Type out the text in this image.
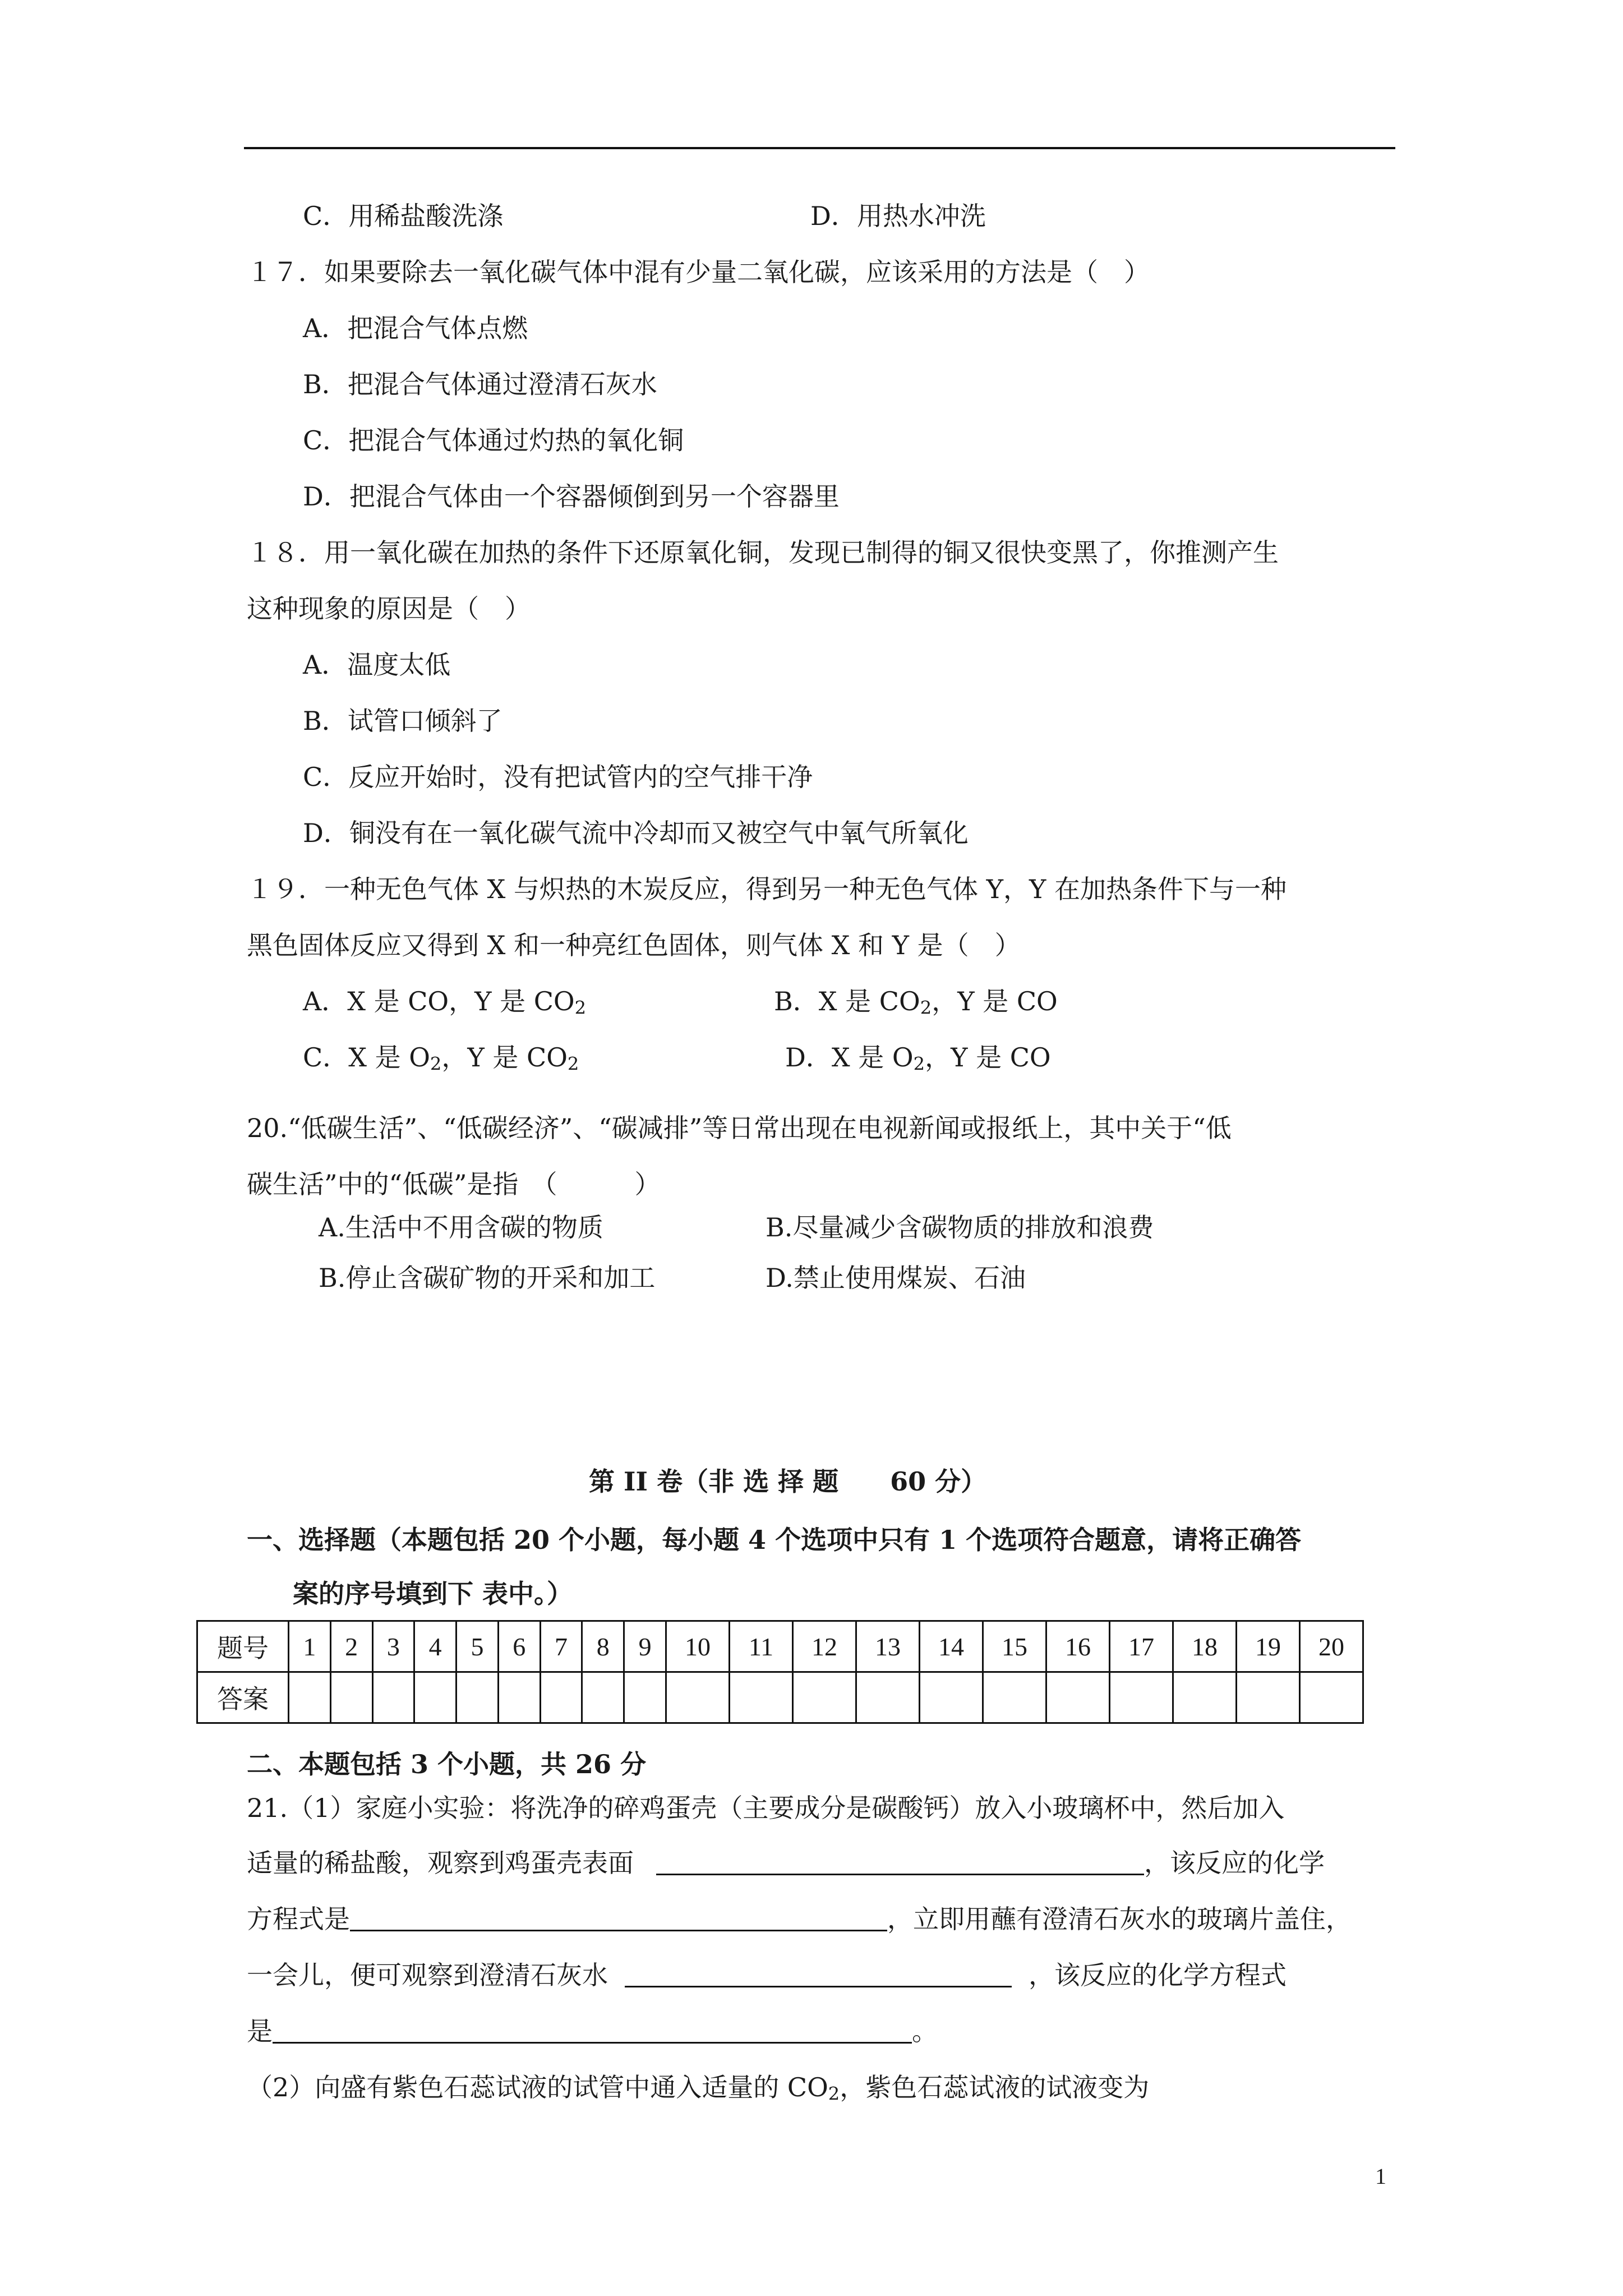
C．用稀盐酸洗涤	D．用热水冲洗
１７．如果要除去一氧化碳气体中混有少量二氧化碳，应该采用的方法是（　）
A．把混合气体点燃
B．把混合气体通过澄清石灰水
C．把混合气体通过灼热的氧化铜
D．把混合气体由一个容器倾倒到另一个容器里
１８．用一氧化碳在加热的条件下还原氧化铜，发现已制得的铜又很快变黑了，你推测产生
这种现象的原因是（　）
A．温度太低
B．试管口倾斜了
C．反应开始时，没有把试管内的空气排干净
D．铜没有在一氧化碳气流中冷却而又被空气中氧气所氧化
１９．一种无色气体 X 与炽热的木炭反应，得到另一种无色气体 Y，Y 在加热条件下与一种
黑色固体反应又得到 X 和一种亮红色固体，则气体 X 和 Y 是（　）
A．X 是 CO，Y 是 $CO_2$	B．X 是 $CO_2$，Y 是 CO
C．X 是 $O_2$，Y 是 $CO_2$	D．X 是 $O_2$，Y 是 CO
20.“低碳生活”、“低碳经济”、“碳减排”等日常出现在电视新闻或报纸上，其中关于“低
碳生活”中的“低碳”是指　（　　　）
A.生活中不用含碳的物质	B.尽量减少含碳物质的排放和浪费
B.停止含碳矿物的开采和加工	D.禁止使用煤炭、石油
第 II 卷（非 选 择 题　　60 分）
一、选择题（本题包括 20 个小题，每小题 4 个选项中只有 1 个选项符合题意，请将正确答
案的序号填到下 表中。）
题号	1	2	3	4	5	6	7	8	9	10	11	12	13	14	15	16	17	18	19	20
答案																				
二、本题包括 3 个小题，共 26 分
21.（1）家庭小实验：将洗净的碎鸡蛋壳（主要成分是碳酸钙）放入小玻璃杯中，然后加入
适量的稀盐酸，观察到鸡蛋壳表面	，该反应的化学
方程式是	，立即用蘸有澄清石灰水的玻璃片盖住，
一会儿，便可观察到澄清石灰水	，该反应的化学方程式
是	。
（2）向盛有紫色石蕊试液的试管中通入适量的 $CO_2$，紫色石蕊试液的试液变为
1
